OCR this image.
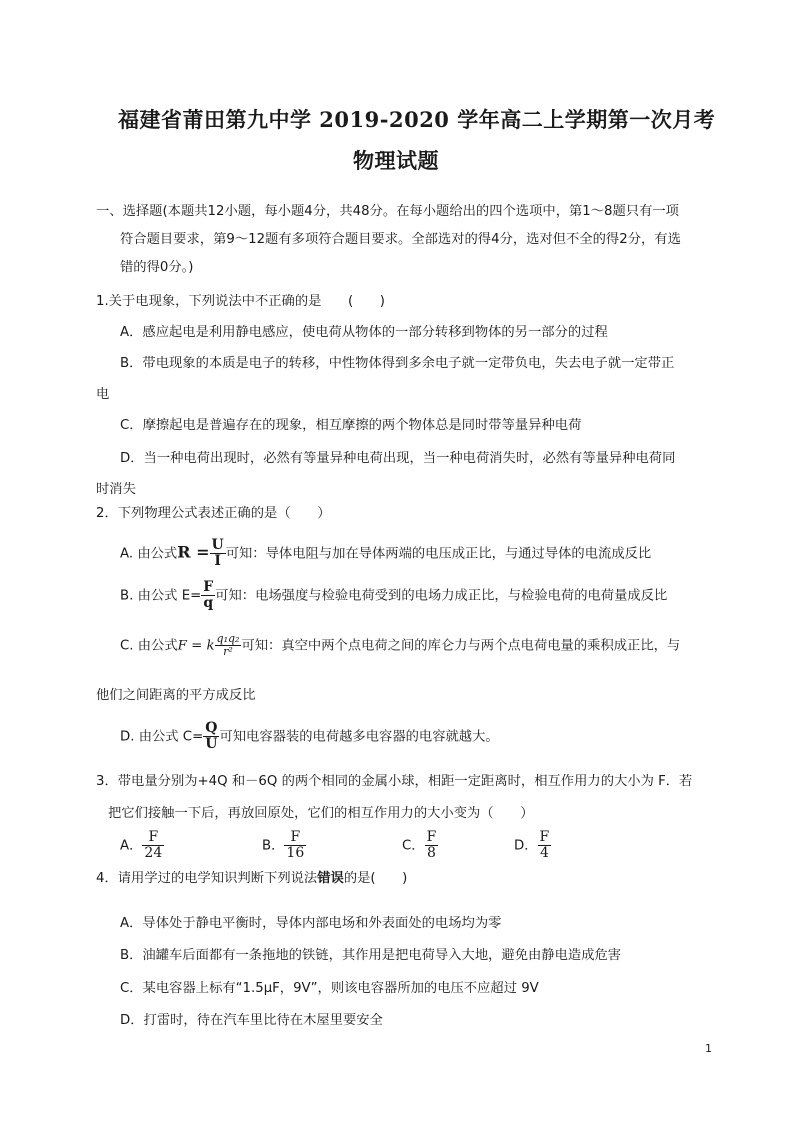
福建省莆田第九中学 2019-2020 学年高二上学期第一次月考
物理试题
一、选择题(本题共12小题，每小题4分，共48分。在每小题给出的四个选项中，第1～8题只有一项
符合题目要求，第9～12题有多项符合题目要求。全部选对的得4分，选对但不全的得2分，有选
错的得0分。)
1.关于电现象，下列说法中不正确的是　　(　　)
A．感应起电是利用静电感应，使电荷从物体的一部分转移到物体的另一部分的过程
B．带电现象的本质是电子的转移，中性物体得到多余电子就一定带负电，失去电子就一定带正
电
C．摩擦起电是普遍存在的现象，相互摩擦的两个物体总是同时带等量异种电荷
D．当一种电荷出现时，必然有等量异种电荷出现，当一种电荷消失时，必然有等量异种电荷同
时消失
2．下列物理公式表述正确的是（　　）
A. 由公式$R = \frac{U}{I}$ 可知：导体电阻与加在导体两端的电压成正比，与通过导体的电流成反比
B. 由公式 $E= \frac{F}{q}$ 可知：电场强度与检验电荷受到的电场力成正比，与检验电荷的电荷量成反比
C. 由公式F = k $\frac{\text{q₁q₂}}{\text{r²}}$ 可知：真空中两个点电荷之间的库仑力与两个点电荷电量的乘积成正比，与
他们之间距离的平方成反比
D. 由公式 $C= \frac{Q}{U}$ 可知电容器装的电荷越多电容器的电容就越大。
3．带电量分别为+4Q 和－6Q 的两个相同的金属小球，相距一定距离时，相互作用力的大小为 F．若
把它们接触一下后，再放回原处，它们的相互作用力的大小变为（　　）
A． $\frac{F}{24}$	B． $\frac{F}{16}$	C． $\frac{F}{8}$	D． $\frac{F}{4}$
4．请用学过的电学知识判断下列说法错误的是(　　)
A．导体处于静电平衡时，导体内部电场和外表面处的电场均为零
B．油罐车后面都有一条拖地的铁链，其作用是把电荷导入大地，避免由静电造成危害
C．某电容器上标有“1.5μF，9V”，则该电容器所加的电压不应超过 9V
D．打雷时，待在汽车里比待在木屋里要安全
1
